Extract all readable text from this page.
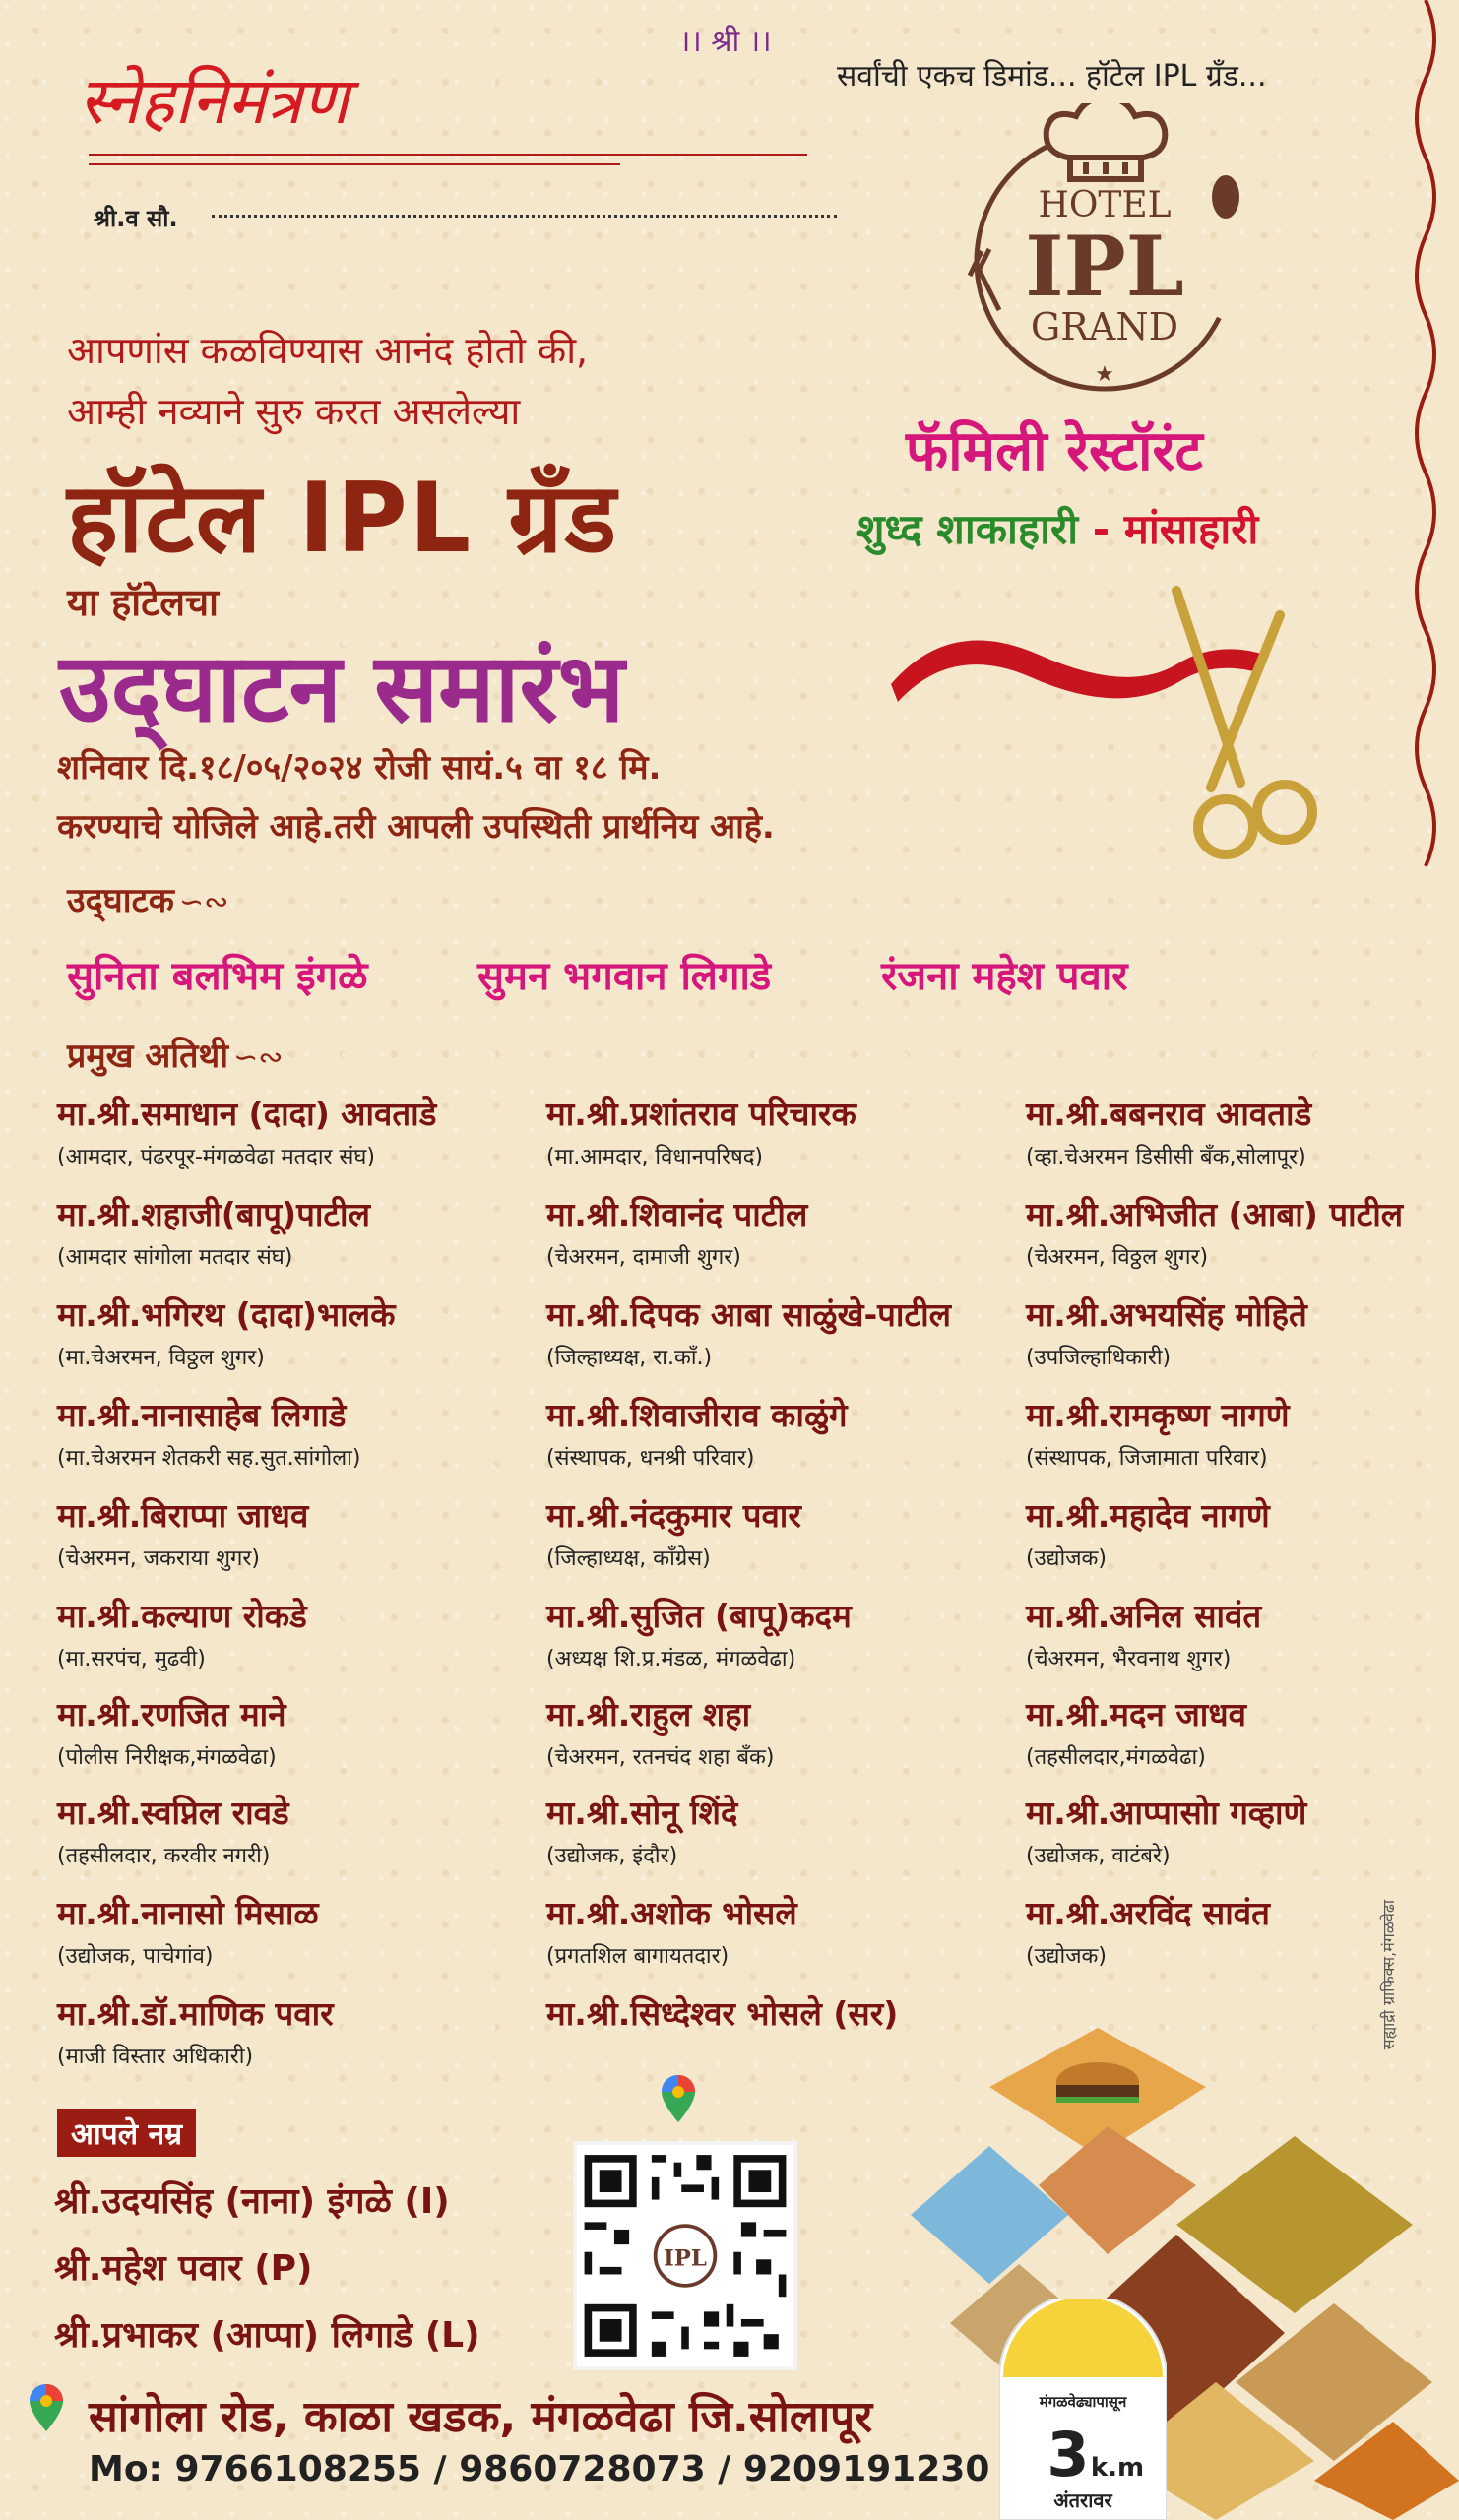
स्नेहनिमंत्रण
।। श्री ।।
श्री.व सौ.
सर्वांची एकच डिमांड... हॉटेल IPL ग्रँड...
HOTEL
IPL
GRAND
★
फॅमिली रेस्टॉरंट
शुध्द शाकाहारी - मांसाहारी
आपणांस कळविण्यास आनंद होतो की,
आम्ही नव्याने सुरु करत असलेल्या
हॉटेल IPL ग्रँड
या हॉटेलचा
उद्‌घाटन समारंभ
शनिवार दि.१८/०५/२०२४ रोजी सायं.५ वा १८ मि.
करण्याचे योजिले आहे.तरी आपली उपस्थिती प्रार्थनिय आहे.
उद्‌घाटक ∽∾
सुनिता बलभिम इंगळे	सुमन भगवान लिगाडे	रंजना महेश पवार
प्रमुख अतिथी ∽∾
मा.श्री.समाधान (दादा) आवताडे
(आमदार, पंढरपूर-मंगळवेढा मतदार संघ)
मा.श्री.शहाजी(बापू)पाटील
(आमदार सांगोला मतदार संघ)
मा.श्री.भगिरथ (दादा)भालके
(मा.चेअरमन, विठ्ठल शुगर)
मा.श्री.नानासाहेब लिगाडे
(मा.चेअरमन शेतकरी सह.सुत.सांगोला)
मा.श्री.बिराप्पा जाधव
(चेअरमन, जकराया शुगर)
मा.श्री.कल्याण रोकडे
(मा.सरपंच, मुढवी)
मा.श्री.रणजित माने
(पोलीस निरीक्षक,मंगळवेढा)
मा.श्री.स्वप्निल रावडे
(तहसीलदार, करवीर नगरी)
मा.श्री.नानासो मिसाळ
(उद्योजक, पाचेगांव)
मा.श्री.डॉ.माणिक पवार
(माजी विस्तार अधिकारी)
मा.श्री.प्रशांतराव परिचारक
(मा.आमदार, विधानपरिषद)
मा.श्री.शिवानंद पाटील
(चेअरमन, दामाजी शुगर)
मा.श्री.दिपक आबा साळुंखे-पाटील
(जिल्हाध्यक्ष, रा.काँ.)
मा.श्री.शिवाजीराव काळुंगे
(संस्थापक, धनश्री परिवार)
मा.श्री.नंदकुमार पवार
(जिल्हाध्यक्ष, काँग्रेस)
मा.श्री.सुजित (बापू)कदम
(अध्यक्ष शि.प्र.मंडळ, मंगळवेढा)
मा.श्री.राहुल शहा
(चेअरमन, रतनचंद शहा बँक)
मा.श्री.सोनू शिंदे
(उद्योजक, इंदौर)
मा.श्री.अशोक भोसले
(प्रगतशिल बागायतदार)
मा.श्री.सिध्देश्वर भोसले (सर)
मा.श्री.बबनराव आवताडे
(व्हा.चेअरमन डिसीसी बँक,सोलापूर)
मा.श्री.अभिजीत (आबा) पाटील
(चेअरमन, विठ्ठल शुगर)
मा.श्री.अभयसिंह मोहिते
(उपजिल्हाधिकारी)
मा.श्री.रामकृष्ण नागणे
(संस्थापक, जिजामाता परिवार)
मा.श्री.महादेव नागणे
(उद्योजक)
मा.श्री.अनिल सावंत
(चेअरमन, भैरवनाथ शुगर)
मा.श्री.मदन जाधव
(तहसीलदार,मंगळवेढा)
मा.श्री.आप्पासोा गव्हाणे
(उद्योजक, वाटंबरे)
मा.श्री.अरविंद सावंत
(उद्योजक)
आपले नम्र
श्री.उदयसिंह (नाना) इंगळे (I)
श्री.महेश पवार (P)
श्री.प्रभाकर (आप्पा) लिगाडे (L)
IPL
मंगळवेढ्यापासून
3 k.m
अंतरावर
सांगोला रोड, काळा खडक, मंगळवेढा जि.सोलापूर
Mo: 9766108255 / 9860728073 / 9209191230
सह्याद्री ग्राफिक्स,मंगळवेढा
